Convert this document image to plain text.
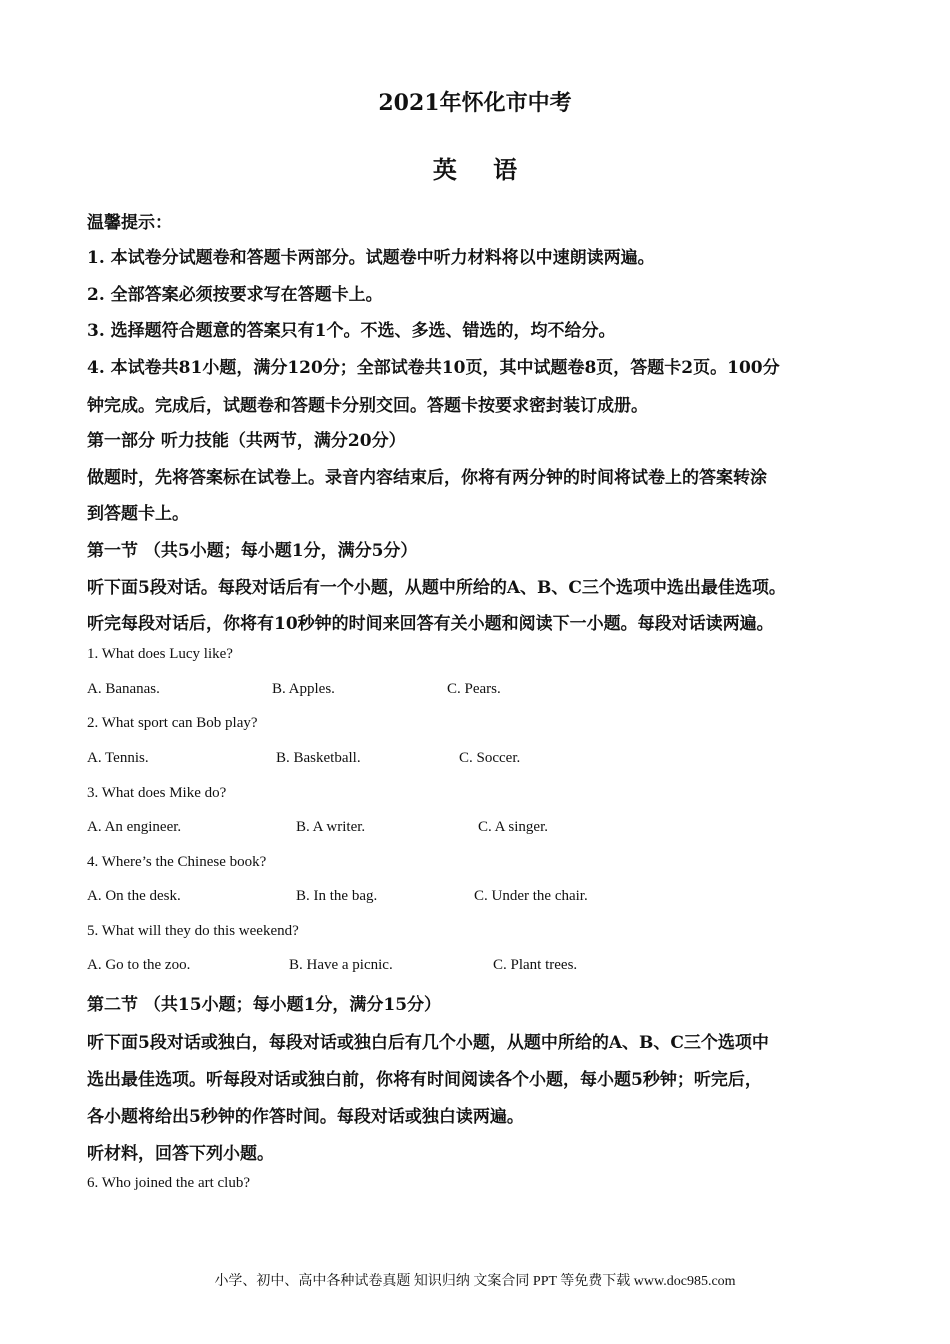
2021年怀化市中考
英 语
温馨提示：
1. 本试卷分试题卷和答题卡两部分。试题卷中听力材料将以中速朗读两遍。
2. 全部答案必须按要求写在答题卡上。
3. 选择题符合题意的答案只有1个。不选、多选、错选的，均不给分。
4. 本试卷共81小题，满分120分；全部试卷共10页，其中试题卷8页，答题卡2页。100分
钟完成。完成后，试题卷和答题卡分别交回。答题卡按要求密封装订成册。
第一部分 听力技能（共两节，满分20分）
做题时，先将答案标在试卷上。录音内容结束后，你将有两分钟的时间将试卷上的答案转涂
到答题卡上。
第一节 （共5小题；每小题1分，满分5分）
听下面5段对话。每段对话后有一个小题，从题中所给的A、B、C三个选项中选出最佳选项。
听完每段对话后，你将有10秒钟的时间来回答有关小题和阅读下一小题。每段对话读两遍。
1. What does Lucy like?
A. Bananas.	B. Apples.	C. Pears.
2. What sport can Bob play?
A. Tennis.	B. Basketball.	C. Soccer.
3. What does Mike do?
A. An engineer.	B. A writer.	C. A singer.
4. Where’s the Chinese book?
A. On the desk.	B. In the bag.	C. Under the chair.
5. What will they do this weekend?
A. Go to the zoo.	B. Have a picnic.	C. Plant trees.
第二节 （共15小题；每小题1分，满分15分）
听下面5段对话或独白，每段对话或独白后有几个小题，从题中所给的A、B、C三个选项中
选出最佳选项。听每段对话或独白前，你将有时间阅读各个小题，每小题5秒钟；听完后，
各小题将给出5秒钟的作答时间。每段对话或独白读两遍。
听材料，回答下列小题。
6. Who joined the art club?
小学、初中、高中各种试卷真题 知识归纳 文案合同 PPT 等免费下载 www.doc985.com
